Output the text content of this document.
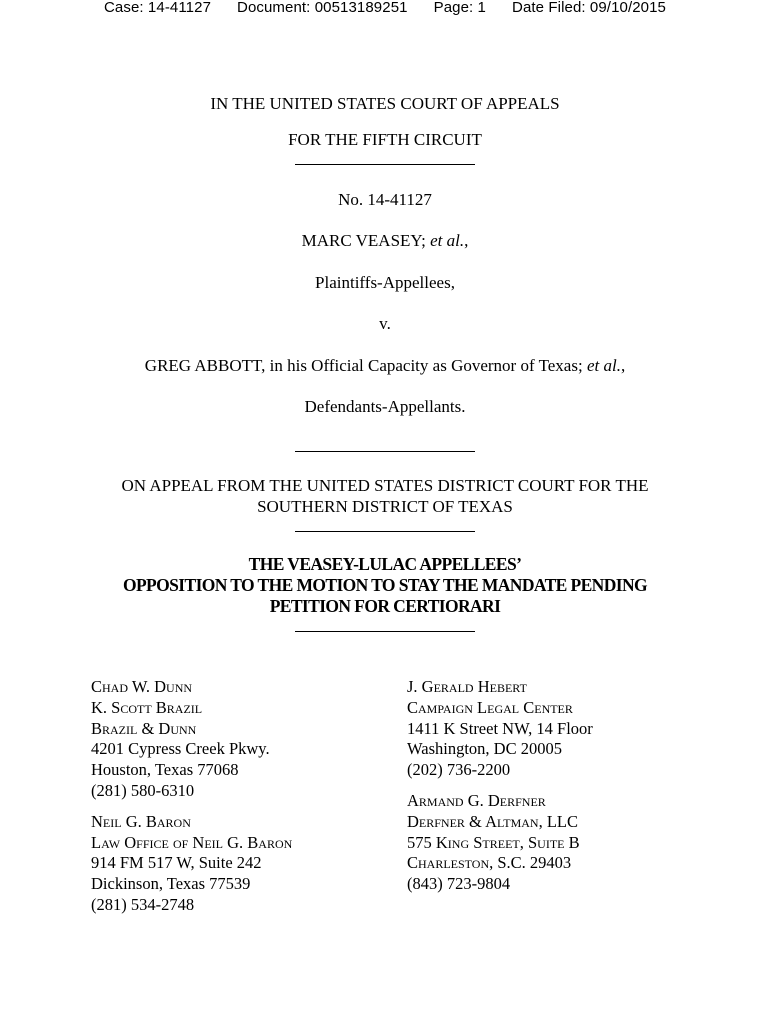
Case: 14-41127 Document: 00513189251 Page: 1 Date Filed: 09/10/2015
IN THE UNITED STATES COURT OF APPEALS
FOR THE FIFTH CIRCUIT
No. 14-41127
MARC VEASEY; et al.,
Plaintiffs-Appellees,
v.
GREG ABBOTT, in his Official Capacity as Governor of Texas; et al.,
Defendants-Appellants.
ON APPEAL FROM THE UNITED STATES DISTRICT COURT FOR THE
SOUTHERN DISTRICT OF TEXAS
THE VEASEY-LULAC APPELLEES’
OPPOSITION TO THE MOTION TO STAY THE MANDATE PENDING
PETITION FOR CERTIORARI
Chad W. Dunn
K. Scott Brazil
Brazil & Dunn
4201 Cypress Creek Pkwy.
Houston, Texas 77068
(281) 580-6310
Neil G. Baron
Law Office of Neil G. Baron
914 FM 517 W, Suite 242
Dickinson, Texas 77539
(281) 534-2748
J. Gerald Hebert
Campaign Legal Center
1411 K Street NW, 14 Floor
Washington, DC 20005
(202) 736-2200
Armand G. Derfner
Derfner & Altman, LLC
575 King Street, Suite B
Charleston, S.C. 29403
(843) 723-9804
